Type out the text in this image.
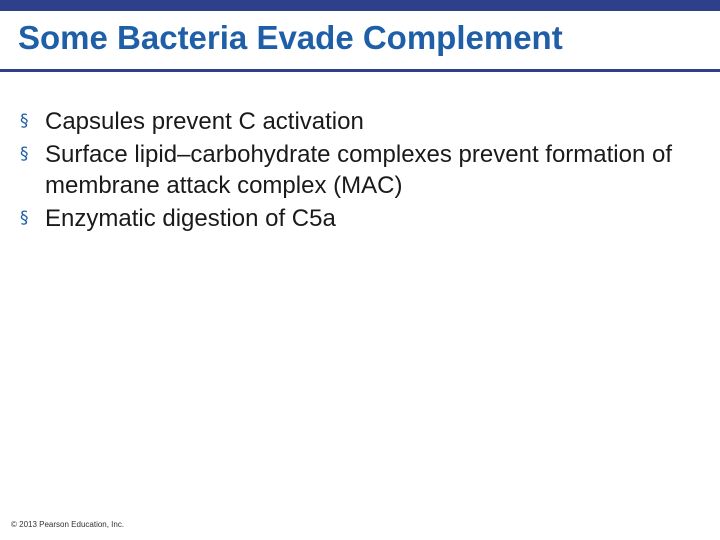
Some Bacteria Evade Complement
§ Capsules prevent C activation
§ Surface lipid–carbohydrate complexes prevent formation of membrane attack complex (MAC)
§ Enzymatic digestion of C5a
© 2013 Pearson Education, Inc.
